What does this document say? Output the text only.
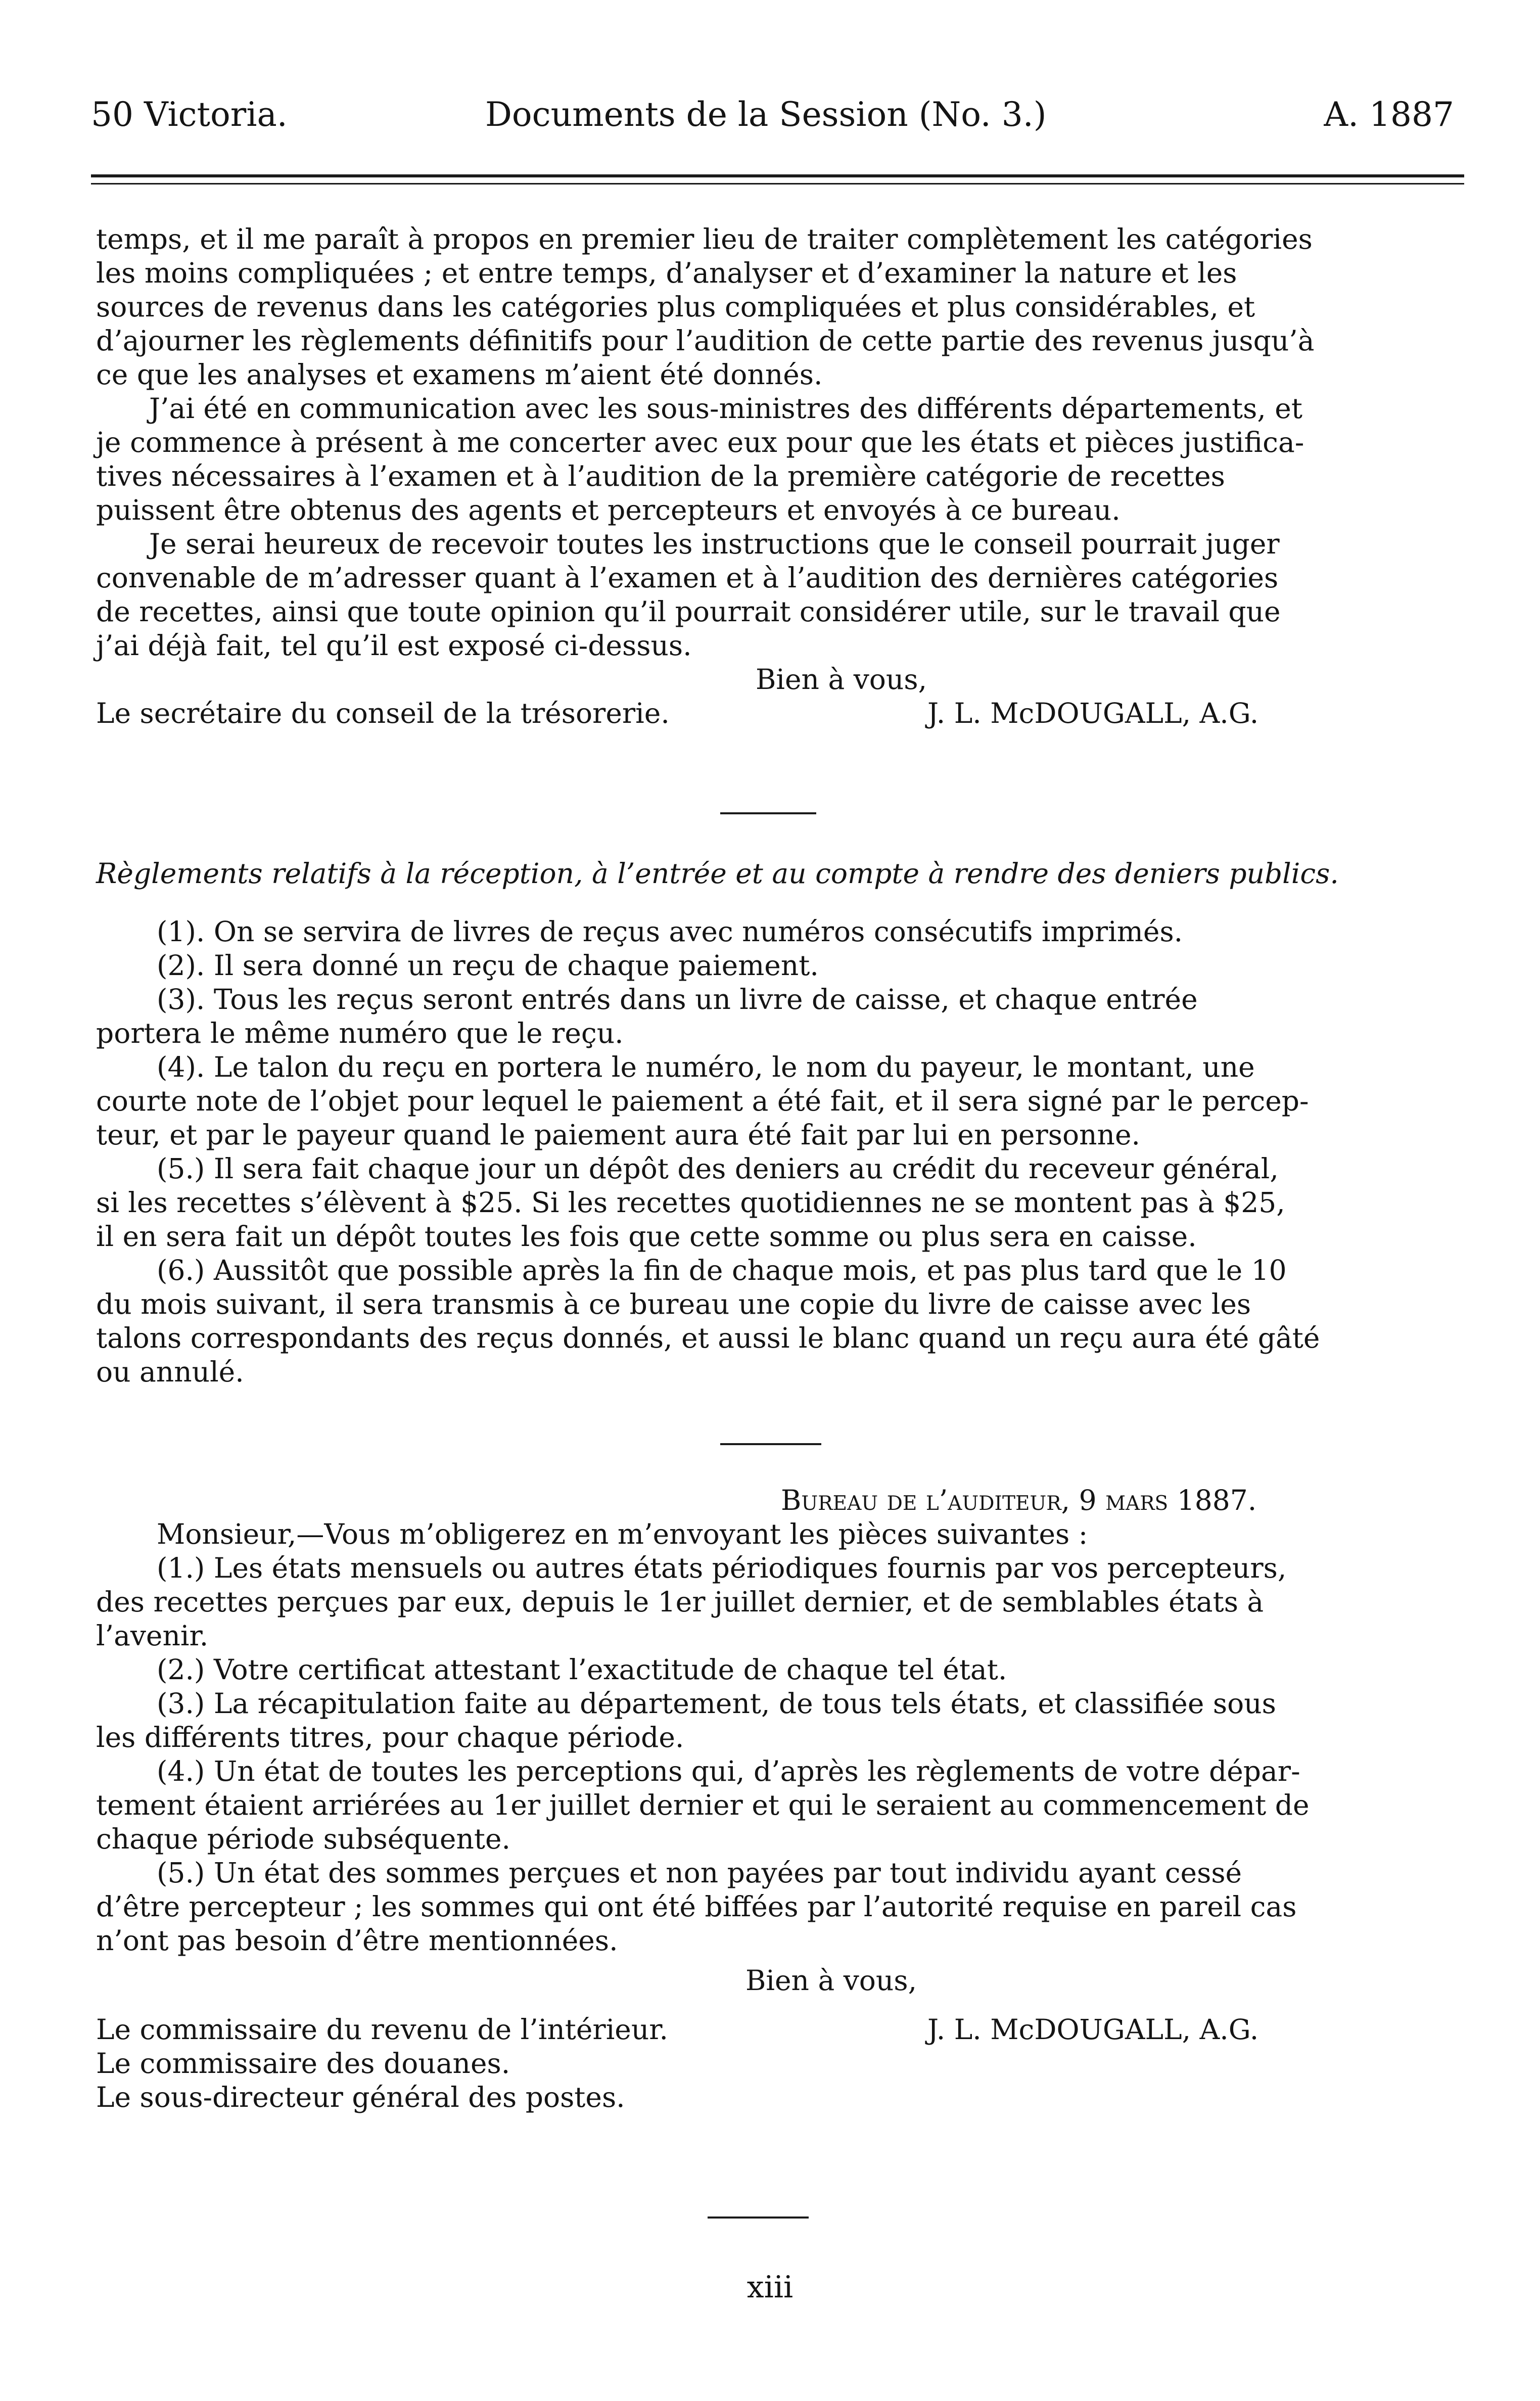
50 Victoria.	Documents de la Session (No. 3.)	A. 1887
temps, et il me paraît à propos en premier lieu de traiter complètement les catégories
les moins compliquées ; et entre temps, d’analyser et d’examiner la nature et les
sources de revenus dans les catégories plus compliquées et plus considérables, et
d’ajourner les règlements définitifs pour l’audition de cette partie des revenus jusqu’à
ce que les analyses et examens m’aient été donnés.
J’ai été en communication avec les sous-ministres des différents départements, et
je commence à présent à me concerter avec eux pour que les états et pièces justifica-
tives nécessaires à l’examen et à l’audition de la première catégorie de recettes
puissent être obtenus des agents et percepteurs et envoyés à ce bureau.
Je serai heureux de recevoir toutes les instructions que le conseil pourrait juger
convenable de m’adresser quant à l’examen et à l’audition des dernières catégories
de recettes, ainsi que toute opinion qu’il pourrait considérer utile, sur le travail que
j’ai déjà fait, tel qu’il est exposé ci-dessus.
Bien à vous,
Le secrétaire du conseil de la trésorerie.	J. L. McDOUGALL, A.G.
Règlements relatifs à la réception, à l’entrée et au compte à rendre des deniers publics.
(1). On se servira de livres de reçus avec numéros consécutifs imprimés.
(2). Il sera donné un reçu de chaque paiement.
(3). Tous les reçus seront entrés dans un livre de caisse, et chaque entrée
portera le même numéro que le reçu.
(4). Le talon du reçu en portera le numéro, le nom du payeur, le montant, une
courte note de l’objet pour lequel le paiement a été fait, et il sera signé par le percep-
teur, et par le payeur quand le paiement aura été fait par lui en personne.
(5.) Il sera fait chaque jour un dépôt des deniers au crédit du receveur général,
si les recettes s’élèvent à $25. Si les recettes quotidiennes ne se montent pas à $25,
il en sera fait un dépôt toutes les fois que cette somme ou plus sera en caisse.
(6.) Aussitôt que possible après la fin de chaque mois, et pas plus tard que le 10
du mois suivant, il sera transmis à ce bureau une copie du livre de caisse avec les
talons correspondants des reçus donnés, et aussi le blanc quand un reçu aura été gâté
ou annulé.
Bureau de l’auditeur, 9 mars 1887.
Monsieur,—Vous m’obligerez en m’envoyant les pièces suivantes :
(1.) Les états mensuels ou autres états périodiques fournis par vos percepteurs,
des recettes perçues par eux, depuis le 1er juillet dernier, et de semblables états à
l’avenir.
(2.) Votre certificat attestant l’exactitude de chaque tel état.
(3.) La récapitulation faite au département, de tous tels états, et classifiée sous
les différents titres, pour chaque période.
(4.) Un état de toutes les perceptions qui, d’après les règlements de votre dépar-
tement étaient arriérées au 1er juillet dernier et qui le seraient au commencement de
chaque période subséquente.
(5.) Un état des sommes perçues et non payées par tout individu ayant cessé
d’être percepteur ; les sommes qui ont été biffées par l’autorité requise en pareil cas
n’ont pas besoin d’être mentionnées.
Bien à vous,
Le commissaire du revenu de l’intérieur.	J. L. McDOUGALL, A.G.
Le commissaire des douanes.
Le sous-directeur général des postes.
xiii
